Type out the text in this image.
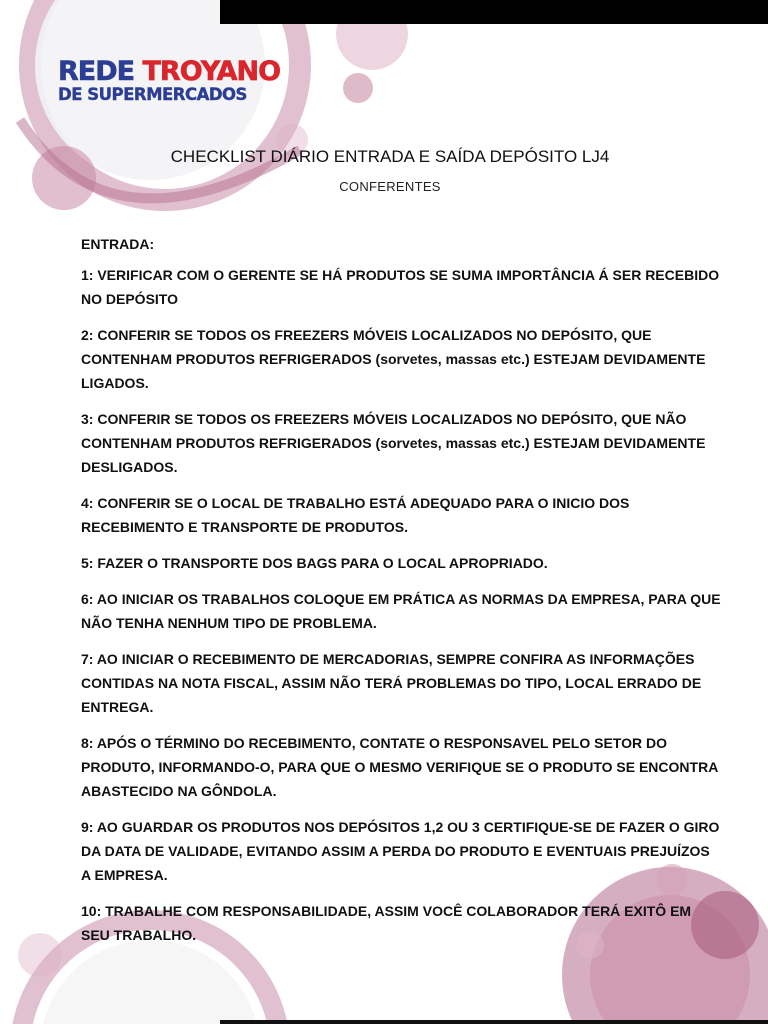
REDE TROYANO
DE SUPERMERCADOS
CHECKLIST DIÁRIO ENTRADA E SAÍDA DEPÓSITO LJ4
CONFERENTES

ENTRADA:

1: VERIFICAR COM O GERENTE SE HÁ PRODUTOS SE SUMA IMPORTÂNCIA Á SER RECEBIDO NO DEPÓSITO

2: CONFERIR SE TODOS OS FREEZERS MÓVEIS LOCALIZADOS NO DEPÓSITO, QUE CONTENHAM PRODUTOS REFRIGERADOS (sorvetes, massas etc.) ESTEJAM DEVIDAMENTE LIGADOS.

3: CONFERIR SE TODOS OS FREEZERS MÓVEIS LOCALIZADOS NO DEPÓSITO, QUE NÃO CONTENHAM PRODUTOS REFRIGERADOS (sorvetes, massas etc.) ESTEJAM DEVIDAMENTE DESLIGADOS.

4: CONFERIR SE O LOCAL DE TRABALHO ESTÁ ADEQUADO PARA O INICIO DOS RECEBIMENTO E TRANSPORTE DE PRODUTOS.

5: FAZER O TRANSPORTE DOS BAGS PARA O LOCAL APROPRIADO.

6: AO INICIAR OS TRABALHOS COLOQUE EM PRÁTICA AS NORMAS DA EMPRESA, PARA QUE NÃO TENHA NENHUM TIPO DE PROBLEMA.

7: AO INICIAR O RECEBIMENTO DE MERCADORIAS, SEMPRE CONFIRA AS INFORMAÇÕES CONTIDAS NA NOTA FISCAL, ASSIM NÃO TERÁ PROBLEMAS DO TIPO, LOCAL ERRADO DE ENTREGA.

8: APÓS O TÉRMINO DO RECEBIMENTO, CONTATE O RESPONSAVEL PELO SETOR DO PRODUTO, INFORMANDO-O, PARA QUE O MESMO VERIFIQUE SE O PRODUTO SE ENCONTRA ABASTECIDO NA GÔNDOLA.

9: AO GUARDAR OS PRODUTOS NOS DEPÓSITOS 1,2 OU 3 CERTIFIQUE-SE DE FAZER O GIRO DA DATA DE VALIDADE, EVITANDO ASSIM A PERDA DO PRODUTO E EVENTUAIS PREJUÍZOS A EMPRESA.

10: TRABALHE COM RESPONSABILIDADE, ASSIM VOCÊ COLABORADOR TERÁ EXITÔ EM SEU TRABALHO.
